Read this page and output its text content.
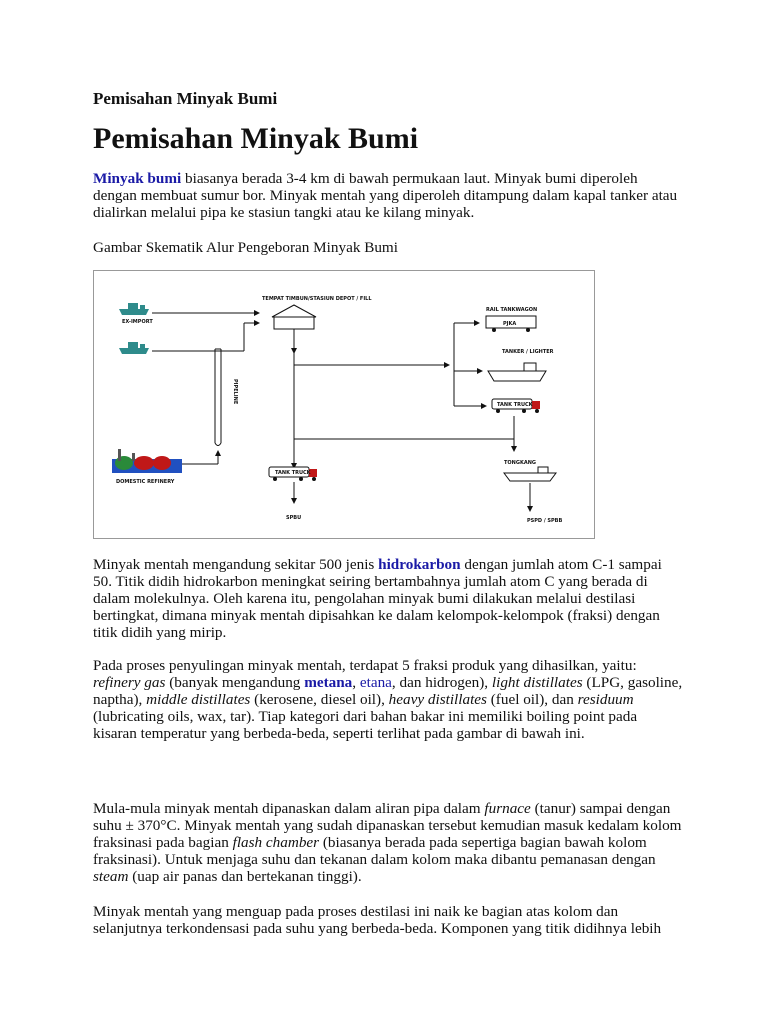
Pemisahan Minyak Bumi
Pemisahan Minyak Bumi
Minyak bumi biasanya berada 3-4 km di bawah permukaan laut. Minyak bumi diperoleh dengan membuat sumur bor. Minyak mentah yang diperoleh ditampung dalam kapal tanker atau dialirkan melalui pipa ke stasiun tangki atau ke kilang minyak.
Gambar Skematik Alur Pengeboran Minyak Bumi
EX-IMPORT
DOMESTIC REFINERY
PIPELINE
TEMPAT TIMBUN/STASIUN DEPOT / FILL
RAIL TANKWAGON
PJKA
TANKER / LIGHTER
TANK TRUCK
TONGKANG
PSPD / SPBB
TANK TRUCK
SPBU
Minyak mentah mengandung sekitar 500 jenis hidrokarbon dengan jumlah atom C-1 sampai 50. Titik didih hidrokarbon meningkat seiring bertambahnya jumlah atom C yang berada di dalam molekulnya. Oleh karena itu, pengolahan minyak bumi dilakukan melalui destilasi bertingkat, dimana minyak mentah dipisahkan ke dalam kelompok-kelompok (fraksi) dengan titik didih yang mirip.
Pada proses penyulingan minyak mentah, terdapat 5 fraksi produk yang dihasilkan, yaitu: refinery gas (banyak mengandung metana, etana, dan hidrogen), light distillates (LPG, gasoline, naptha), middle distillates (kerosene, diesel oil), heavy distillates (fuel oil), dan residuum (lubricating oils, wax, tar). Tiap kategori dari bahan bakar ini memiliki boiling point pada kisaran temperatur yang berbeda-beda, seperti terlihat pada gambar di bawah ini.
Mula-mula minyak mentah dipanaskan dalam aliran pipa dalam furnace (tanur) sampai dengan suhu ± 370°C. Minyak mentah yang sudah dipanaskan tersebut kemudian masuk kedalam kolom fraksinasi pada bagian flash chamber (biasanya berada pada sepertiga bagian bawah kolom fraksinasi). Untuk menjaga suhu dan tekanan dalam kolom maka dibantu pemanasan dengan steam (uap air panas dan bertekanan tinggi).
Minyak mentah yang menguap pada proses destilasi ini naik ke bagian atas kolom dan selanjutnya terkondensasi pada suhu yang berbeda-beda. Komponen yang titik didihnya lebih
